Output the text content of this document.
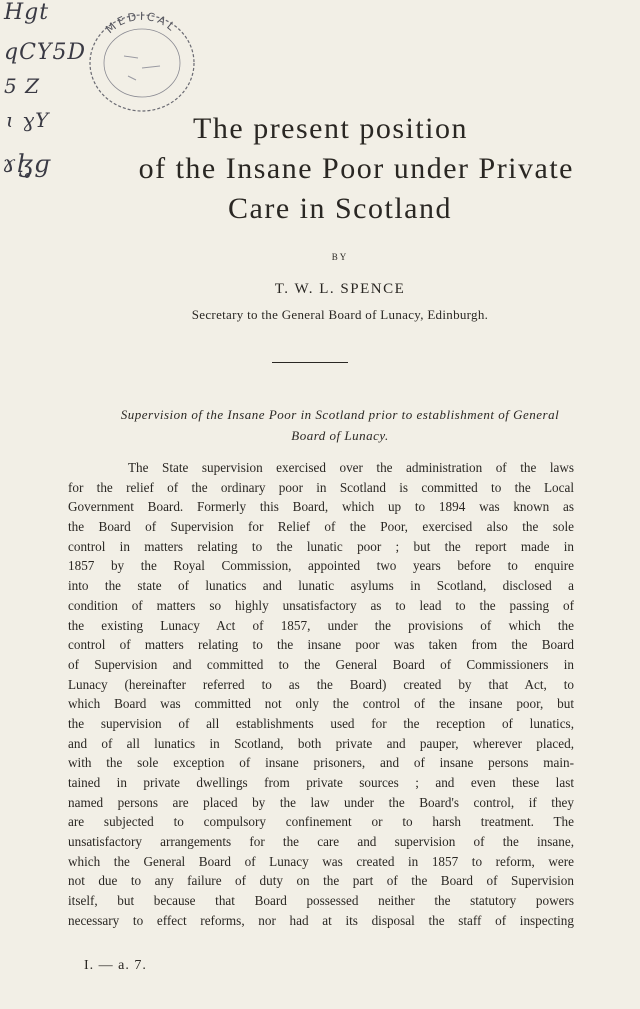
Hgt
qCY5D
5 Z
ɩ ɣY
ɤɮ̥ɡ
MEDICAL
The present position
of the Insane Poor under Private
Care in Scotland
BY
T. W. L. SPENCE
Secretary to the General Board of Lunacy, Edinburgh.
Supervision of the Insane Poor in Scotland prior to establishment of General
Board of Lunacy.
The State supervision exercised over the administration of the laws
for the relief of the ordinary poor in Scotland is committed to the Local
Government Board. Formerly this Board, which up to 1894 was known as
the Board of Supervision for Relief of the Poor, exercised also the sole
control in matters relating to the lunatic poor ; but the report made in
1857 by the Royal Commission, appointed two years before to enquire
into the state of lunatics and lunatic asylums in Scotland, disclosed a
condition of matters so highly unsatisfactory as to lead to the passing of
the existing Lunacy Act of 1857, under the provisions of which the
control of matters relating to the insane poor was taken from the Board
of Supervision and committed to the General Board of Commissioners in
Lunacy (hereinafter referred to as the Board) created by that Act, to
which Board was committed not only the control of the insane poor, but
the supervision of all establishments used for the reception of lunatics,
and of all lunatics in Scotland, both private and pauper, wherever placed,
with the sole exception of insane prisoners, and of insane persons main-
tained in private dwellings from private sources ; and even these last
named persons are placed by the law under the Board's control, if they
are subjected to compulsory confinement or to harsh treatment. The
unsatisfactory arrangements for the care and supervision of the insane,
which the General Board of Lunacy was created in 1857 to reform, were
not due to any failure of duty on the part of the Board of Supervision
itself, but because that Board possessed neither the statutory powers
necessary to effect reforms, nor had at its disposal the staff of inspecting
I. — a. 7.
